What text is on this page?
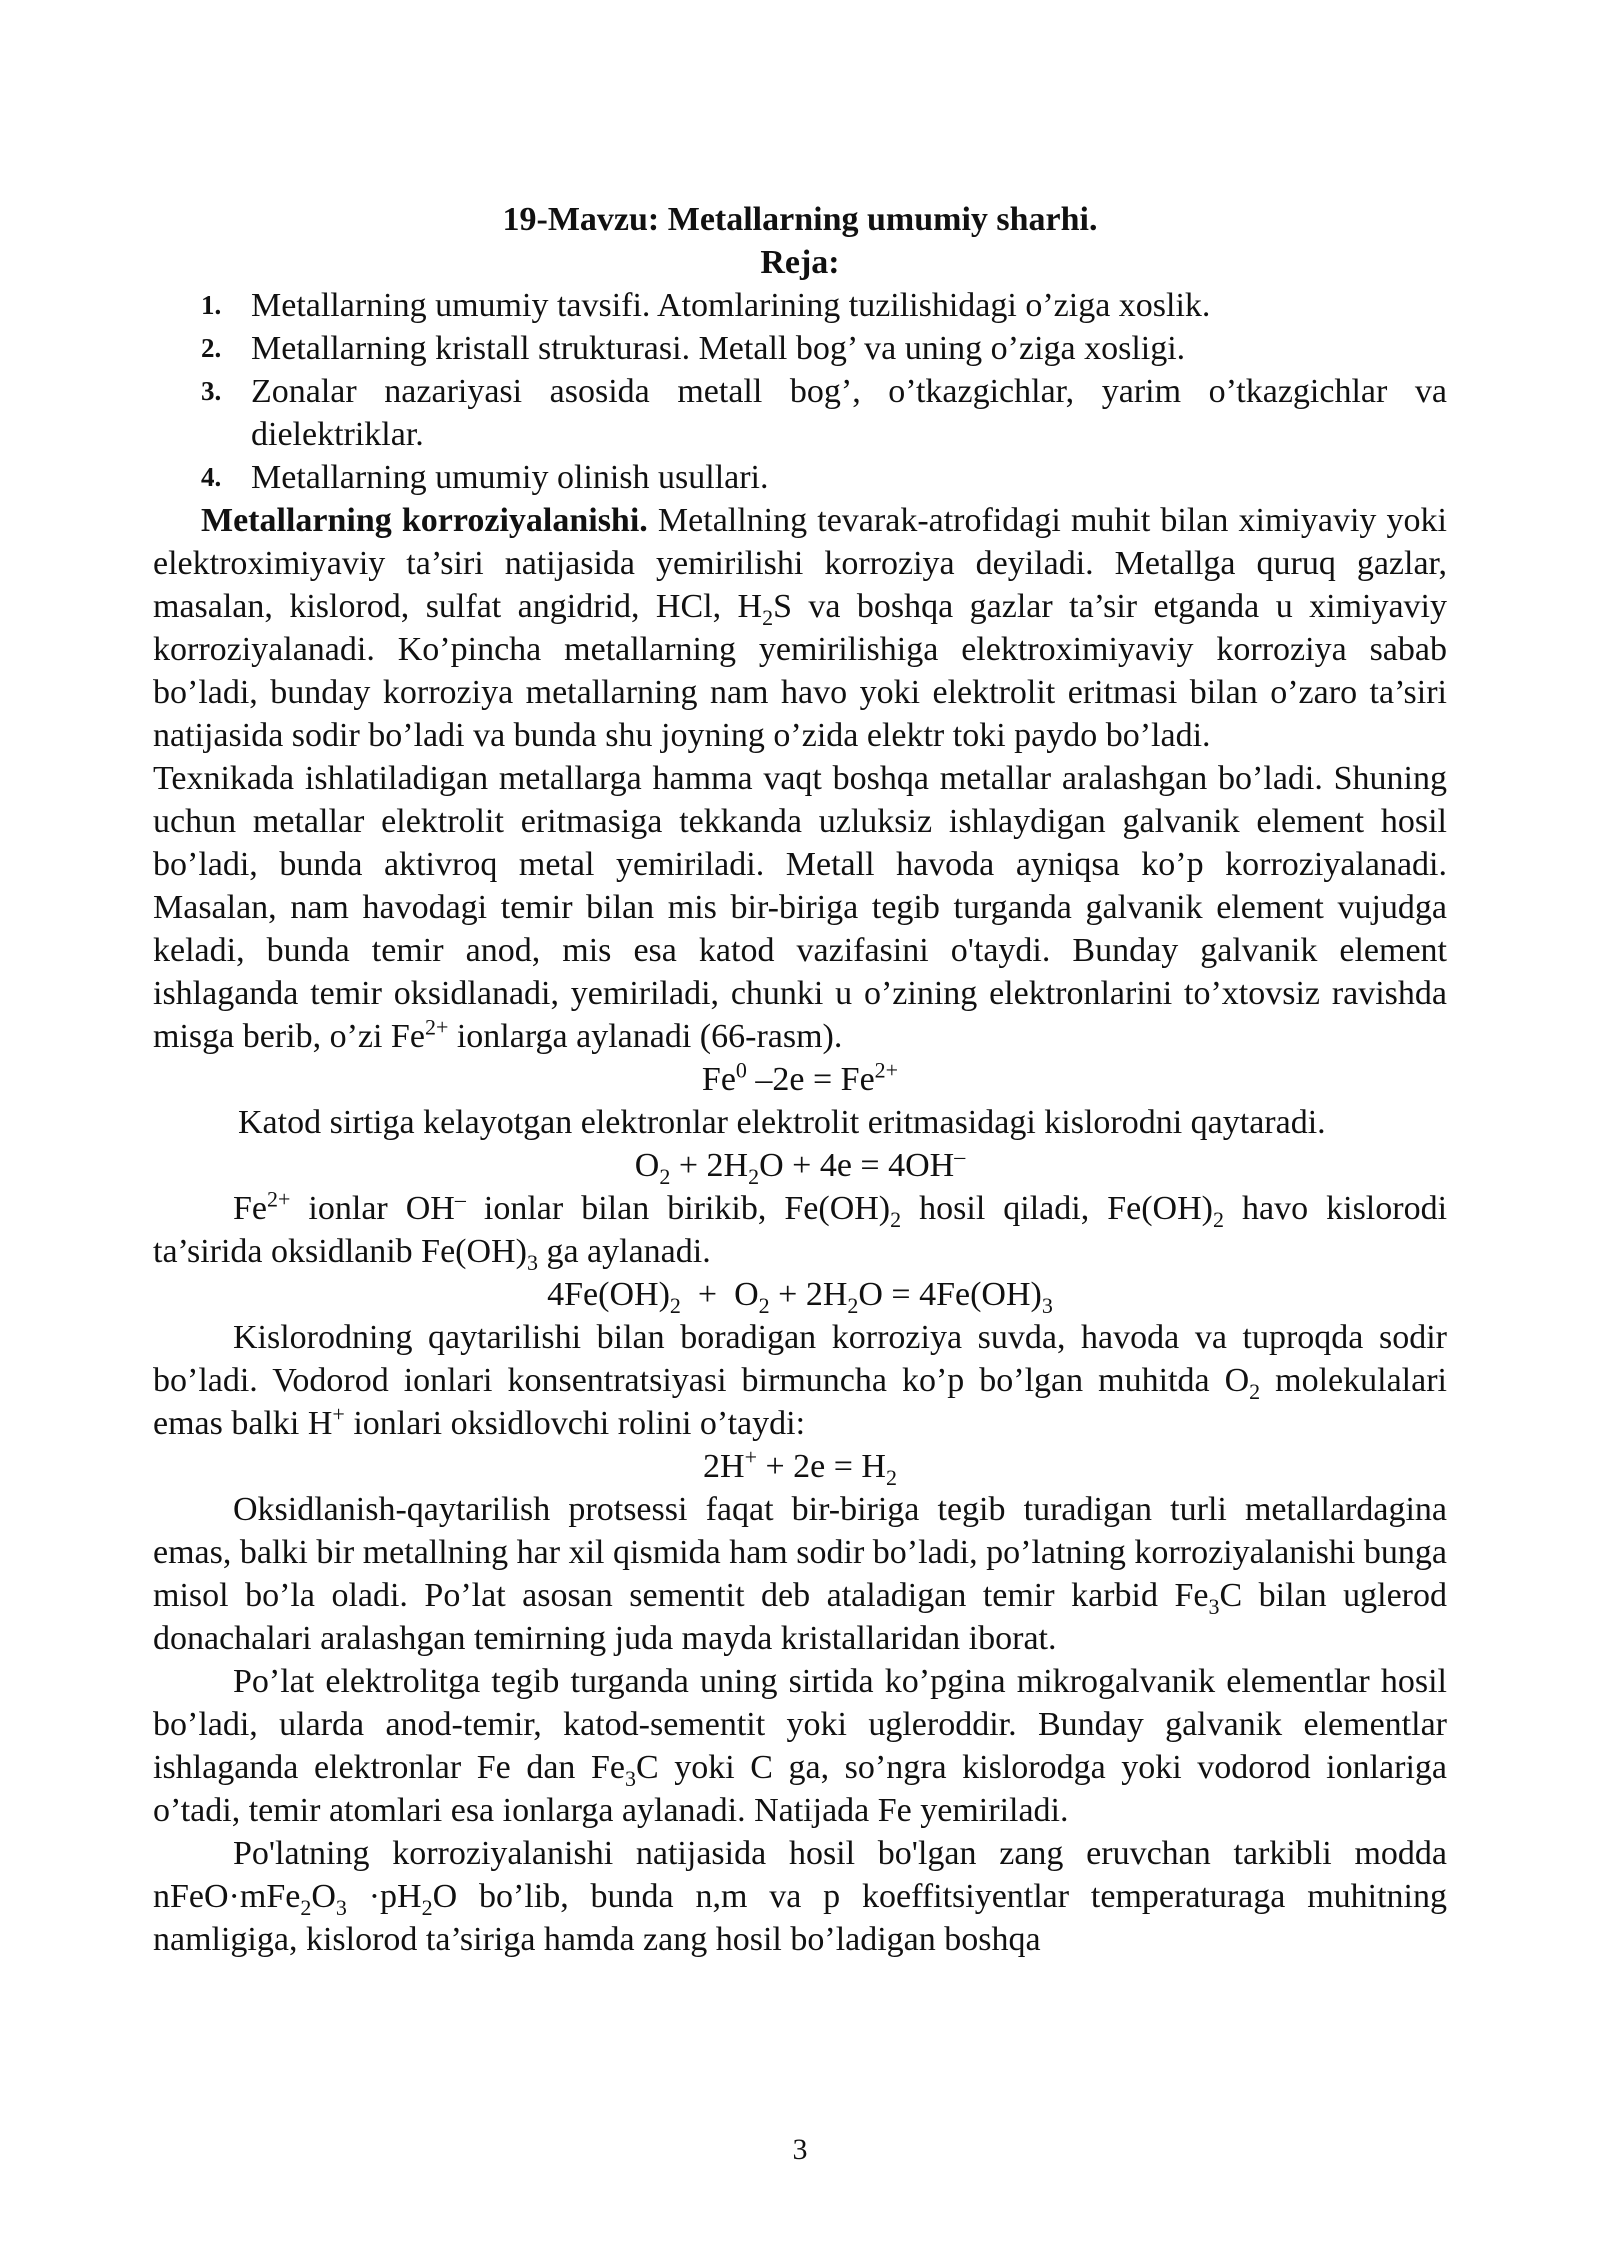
19-Mavzu: Metallarning umumiy sharhi.
Reja:
1. Metallarning umumiy tavsifi. Atomlarining tuzilishidagi o’ziga xoslik.
2. Metallarning kristall strukturasi. Metall bog’ va uning o’ziga xosligi.
3. Zonalar nazariyasi asosida metall bog’, o’tkazgichlar, yarim o’tkazgichlar va dielektriklar.
4. Metallarning umumiy olinish usullari.

Metallarning korroziyalanishi. Metallning tevarak-atrofidagi muhit bilan ximiyaviy yoki elektroximiyaviy ta’siri natijasida yemirilishi korroziya deyiladi. Metallga quruq gazlar, masalan, kislorod, sulfat angidrid, HCl, $H_2S$ va boshqa gazlar ta’sir etganda u ximiyaviy korroziyalanadi. Ko’pincha metallarning yemirilishiga elektroximiyaviy korroziya sabab bo’ladi, bunday korroziya metallarning nam havo yoki elektrolit eritmasi bilan o’zaro ta’siri natijasida sodir bo’ladi va bunda shu joyning o’zida elektr toki paydo bo’ladi.

Texnikada ishlatiladigan metallarga hamma vaqt boshqa metallar aralashgan bo’ladi. Shuning uchun metallar elektrolit eritmasiga tekkanda uzluksiz ishlaydigan galvanik element hosil bo’ladi, bunda aktivroq metal yemiriladi. Metall havoda ayniqsa ko’p korroziyalanadi. Masalan, nam havodagi temir bilan mis bir-biriga tegib turganda galvanik element vujudga keladi, bunda temir anod, mis esa katod vazifasini o'taydi. Bunday galvanik element ishlaganda temir oksidlanadi, yemiriladi, chunki u o’zining elektronlarini to’xtovsiz ravishda misga berib, o’zi $Fe^{2+}$ ionlarga aylanadi (66-rasm).

Fe$^0$ $-2e = Fe^{2+}$
Katod sirtiga kelayotgan elektronlar elektrolit eritmasidagi kislorodni qaytaradi.
$O_2 + 2H_2O + 4e = 4OH^-$

$Fe^{2+}$ ionlar OH– ionlar bilan birikib, $Fe(OH)_2$ hosil qiladi, $Fe(OH)_2$ havo kislorodi ta’sirida oksidlanib $Fe(OH)_3$ ga aylanadi.

$4Fe(OH)_2 + O_2 + 2H_2O = 4Fe(OH)_3$

Kislorodning qaytarilishi bilan boradigan korroziya suvda, havoda va tuproqda sodir bo’ladi. Vodorod ionlari konsentratsiyasi birmuncha ko’p bo’lgan muhitda $O_2$ molekulalari emas balki H+ ionlari oksidlovchi rolini o’taydi:

$2H^+ + 2e = H_2$

Oksidlanish-qaytarilish protsessi faqat bir-biriga tegib turadigan turli metallardagina emas, balki bir metallning har xil qismida ham sodir bo’ladi, po’latning korroziyalanishi bunga misol bo’la oladi. Po’lat asosan sementit deb ataladigan temir karbid $Fe_3C$ bilan uglerod donachalari aralashgan temirning juda mayda kristallaridan iborat.

Po’lat elektrolitga tegib turganda uning sirtida ko’pgina mikrogalvanik elementlar hosil bo’ladi, ularda anod-temir, katod-sementit yoki ugleroddir. Bunday galvanik elementlar ishlaganda elektronlar Fe dan $Fe_3C$ yoki C ga, so’ngra kislorodga yoki vodorod ionlariga o’tadi, temir atomlari esa ionlarga aylanadi. Natijada Fe yemiriladi.

Po'latning korroziyalanishi natijasida hosil bo'lgan zang eruvchan tarkibli modda $nFeO\cdot mFe_2O_3 \cdot pH_2O$ bo’lib, bunda n,m va p koeffitsiyentlar temperaturaga muhitning namligiga, kislorod ta’siriga hamda zang hosil bo’ladigan boshqa

3
